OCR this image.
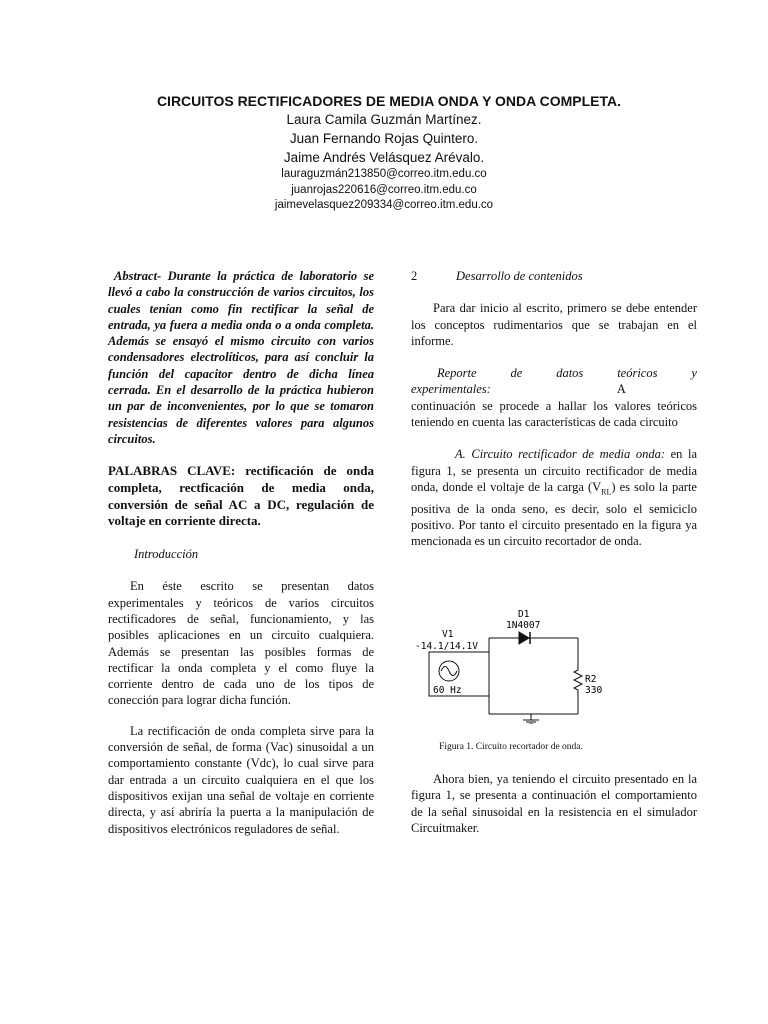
CIRCUITOS RECTIFICADORES DE MEDIA ONDA Y ONDA COMPLETA.
Laura Camila Guzmán Martínez.
Juan Fernando Rojas Quintero.
Jaime Andrés Velásquez Arévalo.
lauraguzmán213850@correo.itm.edu.co
juanrojas220616@correo.itm.edu.co
jaimevelasquez209334@correo.itm.edu.co

Abstract- Durante la práctica de laboratorio se llevó a cabo la construcción de varios circuitos, los cuales tenían como fin rectificar la señal de entrada, ya fuera a media onda o a onda completa. Además se ensayó el mismo circuito con varios condensadores electrolíticos, para así concluir la función del capacitor dentro de dicha línea cerrada. En el desarrollo de la práctica hubieron un par de inconvenientes, por lo que se tomaron resistencias de diferentes valores para algunos circuitos.

PALABRAS CLAVE: rectificación de onda completa, rectficación de media onda, conversión de señal AC a DC, regulación de voltaje en corriente directa.

Introducción

En éste escrito se presentan datos experimentales y teóricos de varios circuitos rectificadores de señal, funcionamiento, y las posibles aplicaciones en un circuito cualquiera. Además se presentan las posibles formas de rectificar la onda completa y el como fluye la corriente dentro de cada uno de los tipos de conección para lograr dicha función.

La rectificación de onda completa sirve para la conversión de señal, de forma (Vac) sinusoidal a un comportamiento constante (Vdc), lo cual sirve para dar entrada a un circuito cualquiera en el que los dispositivos exijan una señal de voltaje en corriente directa, y así abriría la puerta a la manipulación de dispositivos electrónicos reguladores de señal.

2	Desarrollo de contenidos

Para dar inicio al escrito, primero se debe entender los conceptos rudimentarios que se trabajan en el informe.

Reporte	de	datos	teóricos	y
experimentales:	A

continuación se procede a hallar los valores teóricos teniendo en cuenta las características de cada circuito

A. Circuito rectificador de media onda: en la figura 1, se presenta un circuito rectificador de media onda, donde el voltaje de la carga $(V_{RL})$ es solo la parte positiva de la onda seno, es decir, solo el semiciclo positivo. Por tanto el circuito presentado en la figura ya mencionada es un circuito recortador de onda.

V1
-14.1/14.1V
60 Hz
D1
1N4007
R2
330
Figura 1. Circuito recortador de onda.

Ahora bien, ya teniendo el circuito presentado en la figura 1, se presenta a continuación el comportamiento de la señal sinusoidal en la resistencia en el simulador Circuitmaker.
